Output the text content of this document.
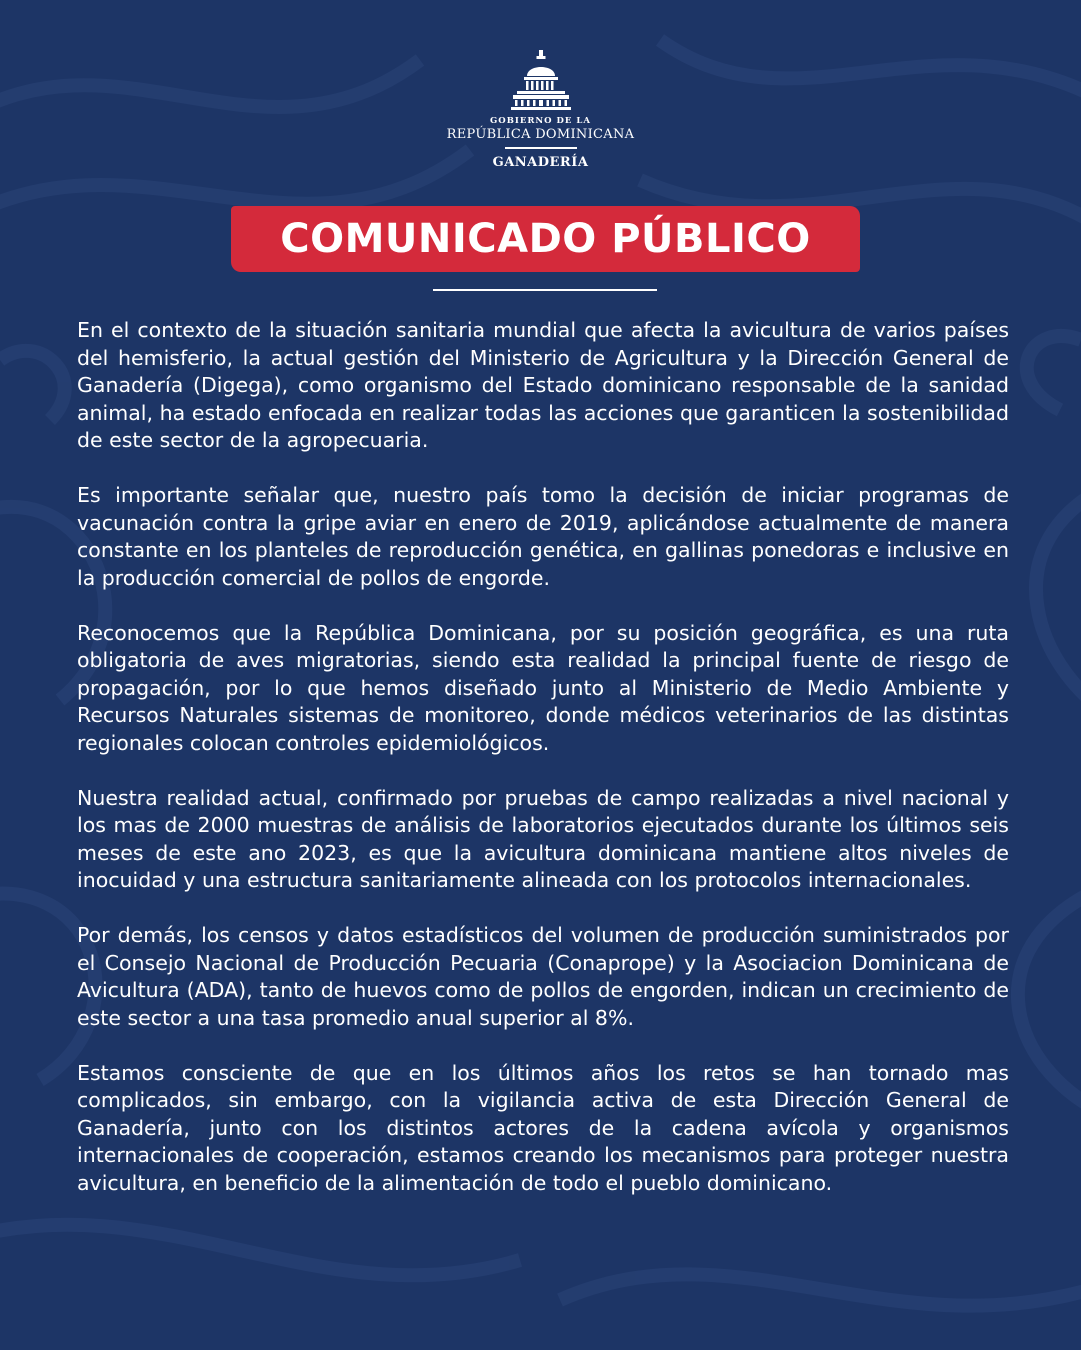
GOBIERNO DE LA
REPÚBLICA DOMINICANA
GANADERÍA
COMUNICADO PÚBLICO

En el contexto de la situación sanitaria mundial que afecta la avicultura de varios países del hemisferio, la actual gestión del Ministerio de Agricultura y la Dirección General de Ganadería (Digega), como organismo del Estado dominicano responsable de la sanidad animal, ha estado enfocada en realizar todas las acciones que garanticen la sostenibilidad de este sector de la agropecuaria.

Es importante señalar que, nuestro país tomo la decisión de iniciar programas de vacunación contra la gripe aviar en enero de 2019, aplicándose actualmente de manera constante en los planteles de reproducción genética, en gallinas ponedoras e inclusive en la producción comercial de pollos de engorde.

Reconocemos que la República Dominicana, por su posición geográfica, es una ruta obligatoria de aves migratorias, siendo esta realidad la principal fuente de riesgo de propagación, por lo que hemos diseñado junto al Ministerio de Medio Ambiente y Recursos Naturales sistemas de monitoreo, donde médicos veterinarios de las distintas regionales colocan controles epidemiológicos.

Nuestra realidad actual, confirmado por pruebas de campo realizadas a nivel nacional y los mas de 2000 muestras de análisis de laboratorios ejecutados durante los últimos seis meses de este ano 2023, es que la avicultura dominicana mantiene altos niveles de inocuidad y una estructura sanitariamente alineada con los protocolos internacionales.

Por demás, los censos y datos estadísticos del volumen de producción suministrados por el Consejo Nacional de Producción Pecuaria (Conaprope) y la Asociacion Dominicana de Avicultura (ADA), tanto de huevos como de pollos de engorden, indican un crecimiento de este sector a una tasa promedio anual superior al 8%.

Estamos consciente de que en los últimos años los retos se han tornado mas complicados, sin embargo, con la vigilancia activa de esta Dirección General de Ganadería, junto con los distintos actores de la cadena avícola y organismos internacionales de cooperación, estamos creando los mecanismos para proteger nuestra avicultura, en beneficio de la alimentación de todo el pueblo dominicano.
